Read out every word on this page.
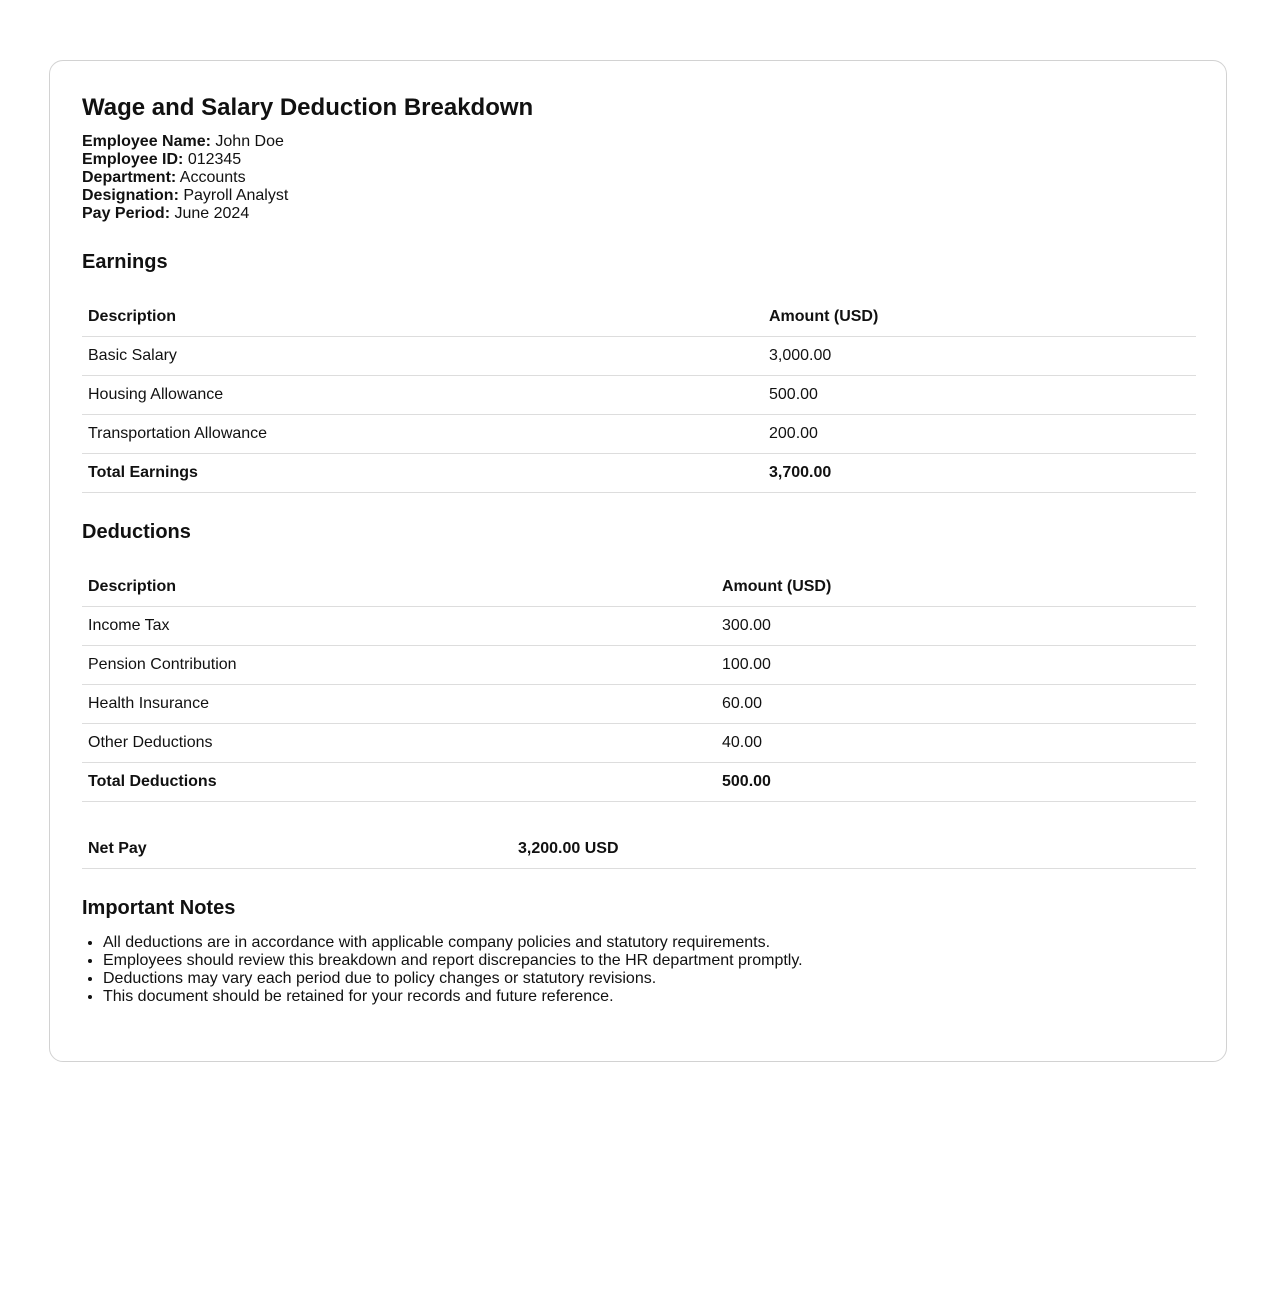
Wage and Salary Deduction Breakdown
Employee Name: John Doe
Employee ID: 012345
Department: Accounts
Designation: Payroll Analyst
Pay Period: June 2024
Earnings
Description	Amount (USD)
Basic Salary	3,000.00
Housing Allowance	500.00
Transportation Allowance	200.00
Total Earnings	3,700.00
Deductions
Description	Amount (USD)
Income Tax	300.00
Pension Contribution	100.00
Health Insurance	60.00
Other Deductions	40.00
Total Deductions	500.00
Net Pay	3,200.00 USD
Important Notes
• All deductions are in accordance with applicable company policies and statutory requirements.
• Employees should review this breakdown and report discrepancies to the HR department promptly.
• Deductions may vary each period due to policy changes or statutory revisions.
• This document should be retained for your records and future reference.
